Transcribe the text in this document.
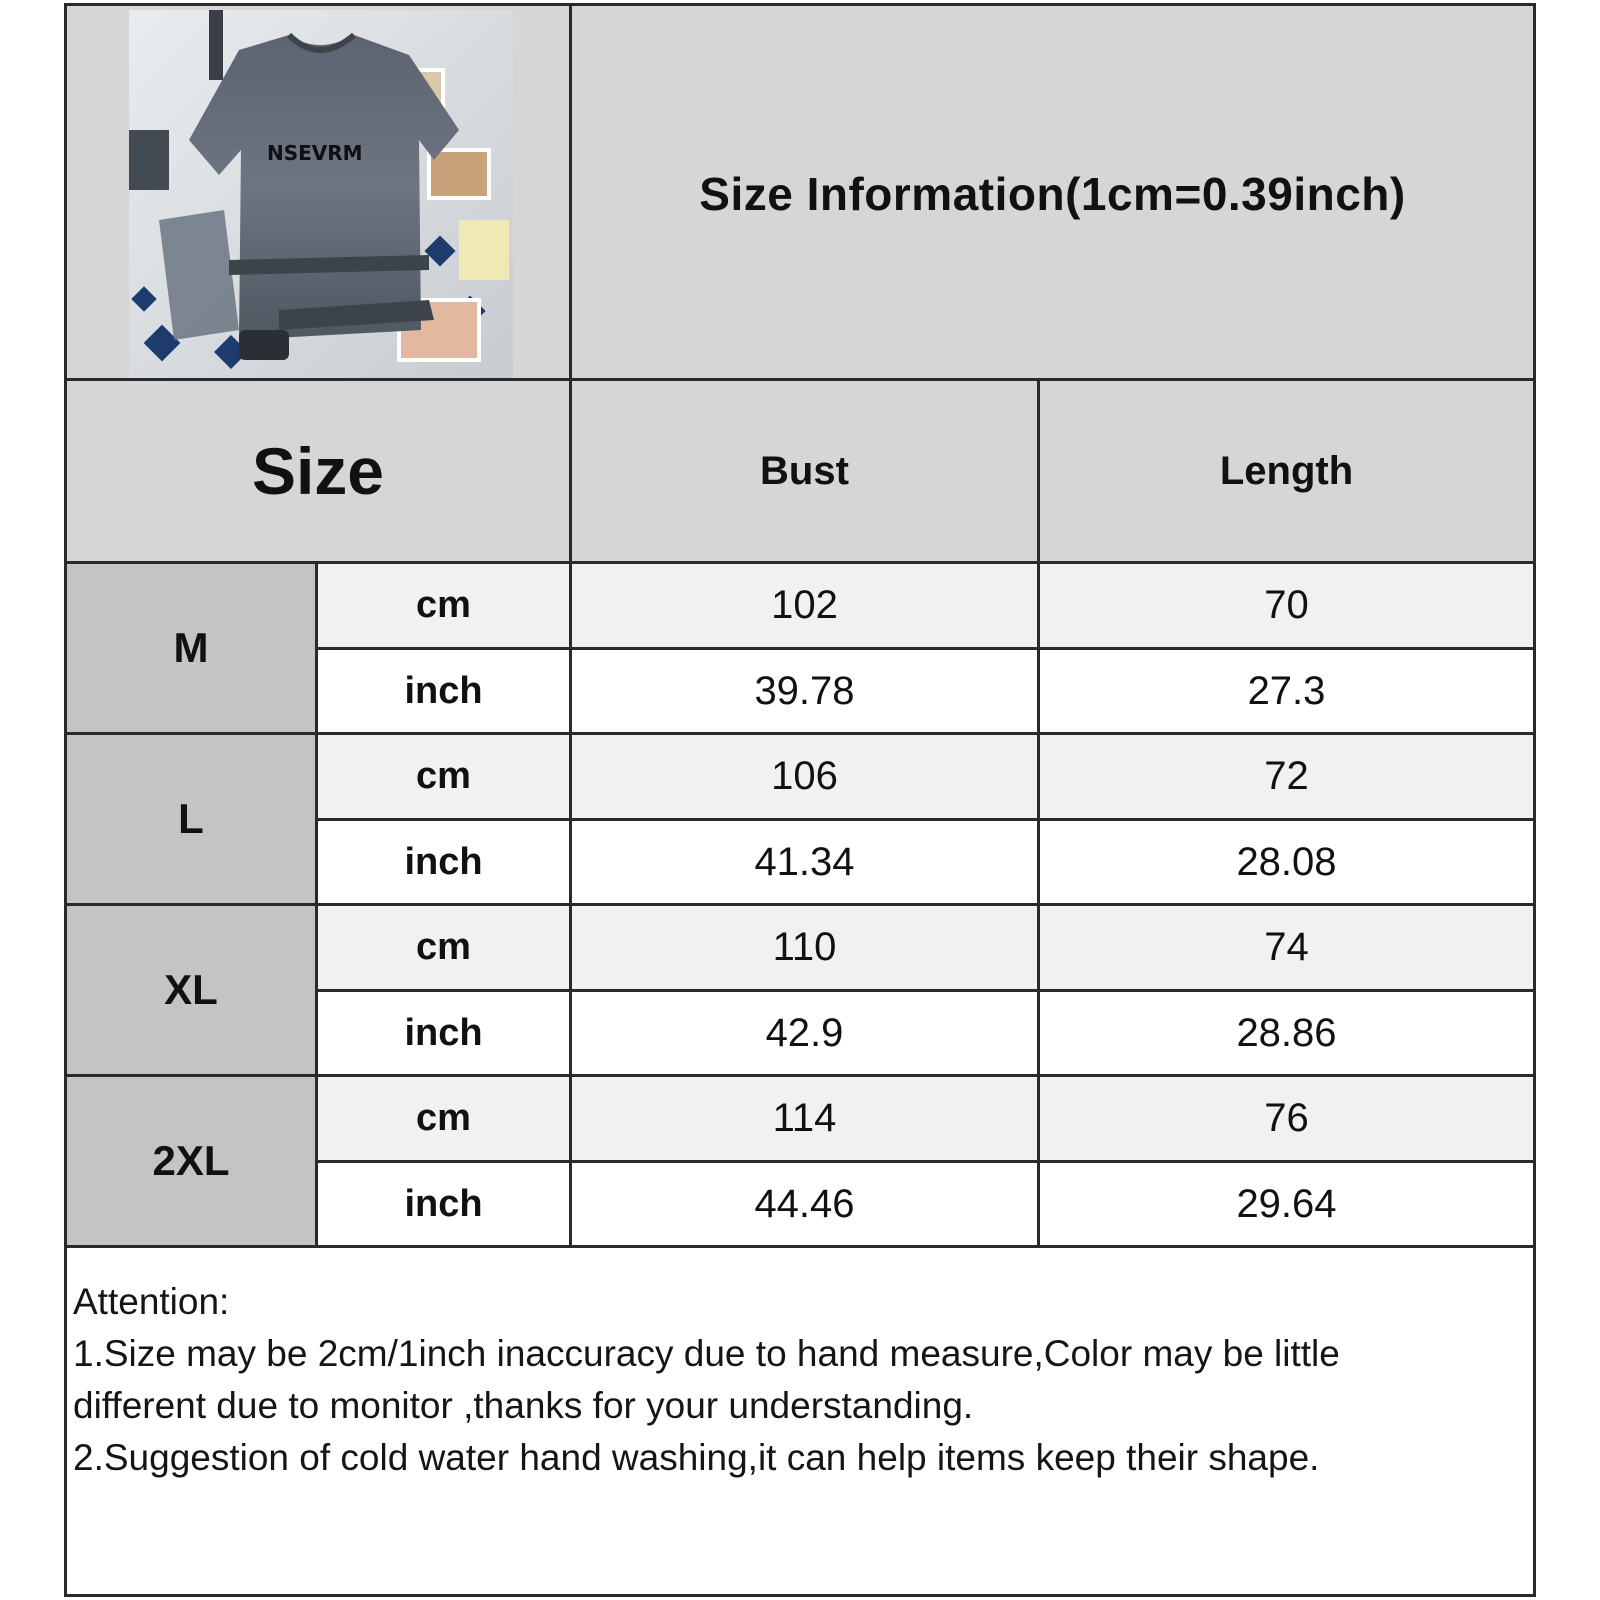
NSEVRM
Size Information(1cm=0.39inch)
Size	Bust	Length
M
cm	102	70
inch	39.78	27.3
L
cm	106	72
inch	41.34	28.08
XL
cm	110	74
inch	42.9	28.86
2XL
cm	114	76
inch	44.46	29.64
Attention:
1.Size may be 2cm/1inch inaccuracy due to hand measure,Color may be little
different due to monitor ,thanks for your understanding.
2.Suggestion of cold water hand washing,it can help items keep their shape.
